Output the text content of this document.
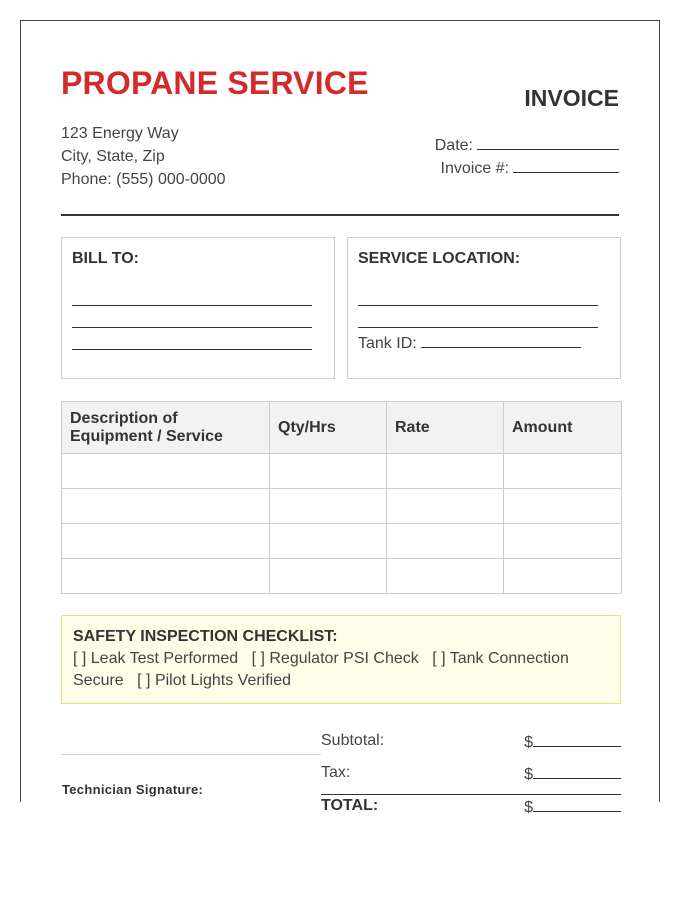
PROPANE SERVICE	INVOICE
123 Energy Way
City, State, Zip
Phone: (555) 000-0000
Date:
Invoice #:
BILL TO:	SERVICE LOCATION:
Tank ID:
Description of Equipment / Service	Qty/Hrs	Rate	Amount

SAFETY INSPECTION CHECKLIST:
[ ] Leak Test Performed [ ] Regulator PSI Check [ ] Tank Connection Secure [ ] Pilot Lights Verified
Technician Signature:
Subtotal:	$
Tax:	$
TOTAL:	$
